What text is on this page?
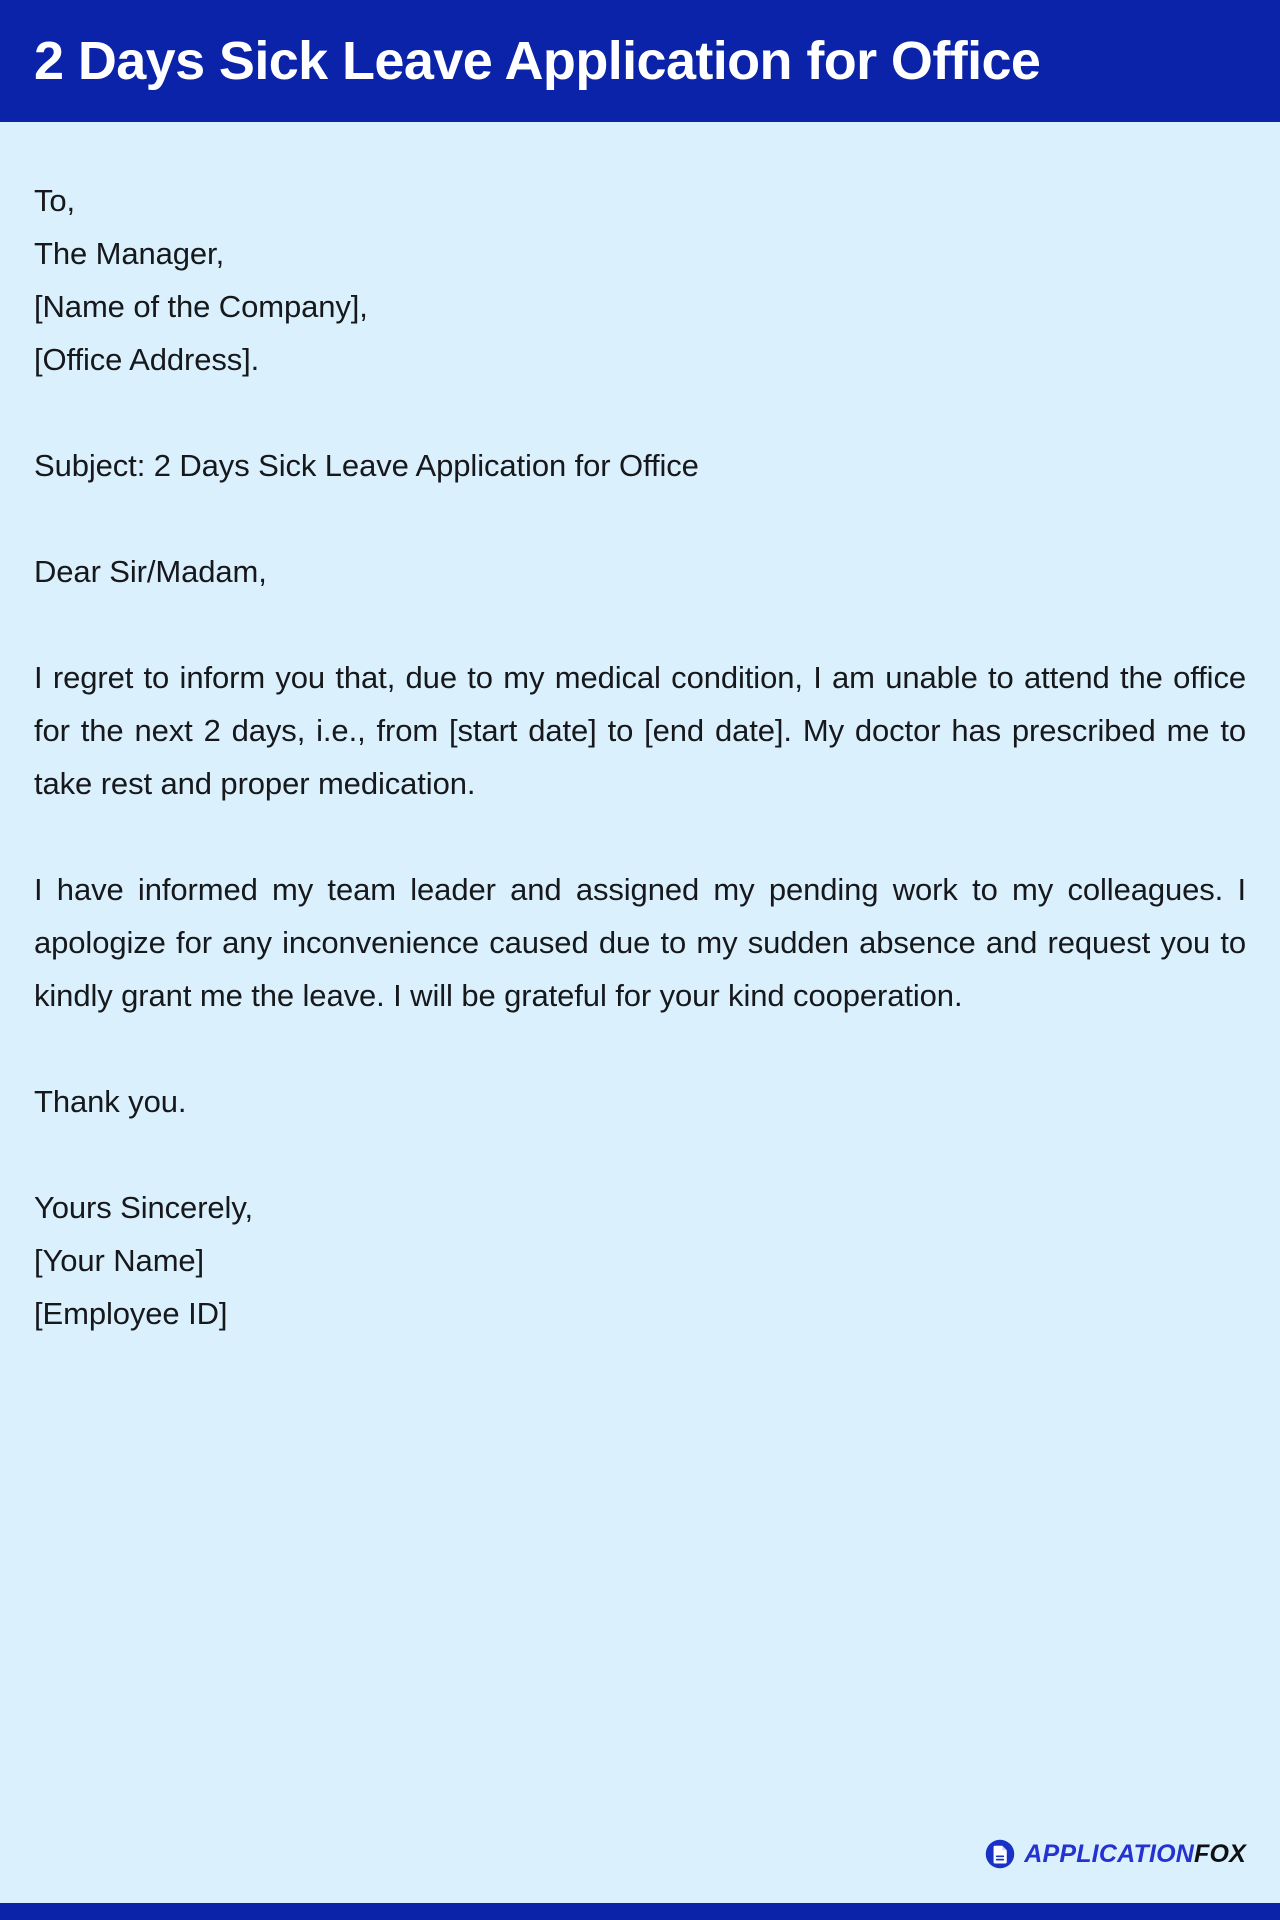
2 Days Sick Leave Application for Office
To,
The Manager,
[Name of the Company],
[Office Address].
Subject: 2 Days Sick Leave Application for Office
Dear Sir/Madam,

I regret to inform you that, due to my medical condition, I am unable to attend the office for the next 2 days, i.e., from [start date] to [end date]. My doctor has prescribed me to take rest and proper medication.

I have informed my team leader and assigned my pending work to my colleagues. I apologize for any inconvenience caused due to my sudden absence and request you to kindly grant me the leave. I will be grateful for your kind cooperation.

Thank you.
Yours Sincerely,
[Your Name]
[Employee ID]
APPLICATIONFOX
